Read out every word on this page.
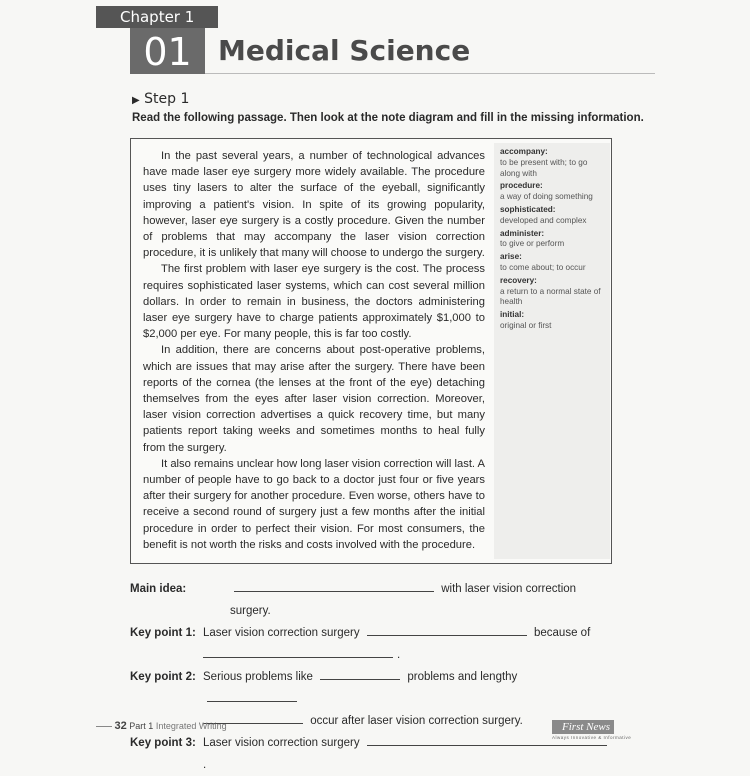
Chapter 1
01 Medical Science
▶ Step 1
Read the following passage. Then look at the note diagram and fill in the missing information.

In the past several years, a number of technological advances have made laser eye surgery more widely available. The procedure uses tiny lasers to alter the surface of the eyeball, significantly improving a patient's vision. In spite of its growing popularity, however, laser eye surgery is a costly procedure. Given the number of problems that may accompany the laser vision correction procedure, it is unlikely that many will choose to undergo the surgery.

The first problem with laser eye surgery is the cost. The process requires sophisticated laser systems, which can cost several million dollars. In order to remain in business, the doctors administering laser eye surgery have to charge patients approximately $1,000 to $2,000 per eye. For many people, this is far too costly.

In addition, there are concerns about post-operative problems, which are issues that may arise after the surgery. There have been reports of the cornea (the lenses at the front of the eye) detaching themselves from the eyes after laser vision correction. Moreover, laser vision correction advertises a quick recovery time, but many patients report taking weeks and sometimes months to heal fully from the surgery.

It also remains unclear how long laser vision correction will last. A number of people have to go back to a doctor just four or five years after their surgery for another procedure. Even worse, others have to receive a second round of surgery just a few months after the initial procedure in order to perfect their vision. For most consumers, the benefit is not worth the risks and costs involved with the procedure.

accompany:
to be present with; to go along with
procedure:
a way of doing something
sophisticated:
developed and complex
administer:
to give or perform
arise:
to come about; to occur
recovery:
a return to a normal state of health
initial:
original or first
Main idea:	with laser vision correction surgery.
Key point 1: Laser vision correction surgery	because of
.
Key point 2: Serious problems like	problems and lengthy
occur after laser vision correction surgery.
Key point 3: Laser vision correction surgery .
32 Part 1 Integrated Writing	First News
Always Innovative & Informative
